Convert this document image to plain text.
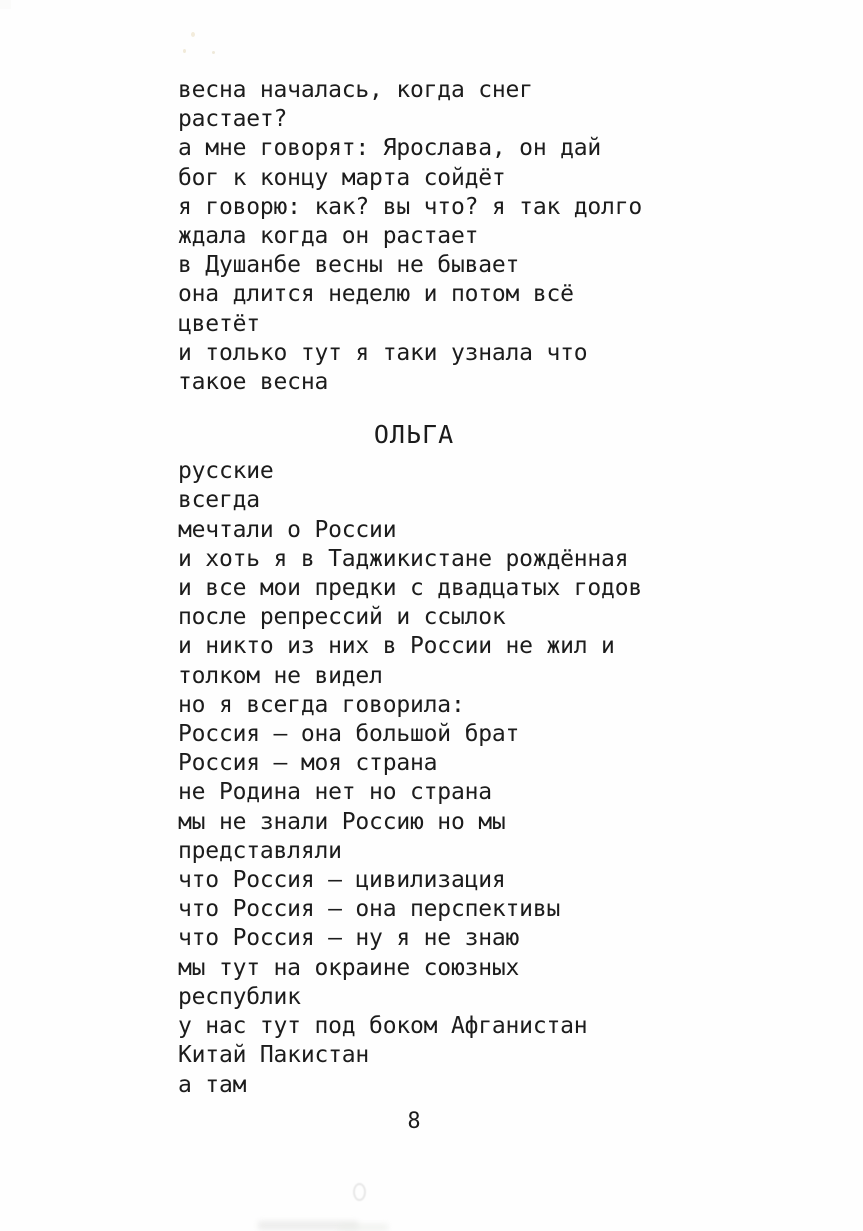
весна началась, когда снег
растает?
а мне говорят: Ярослава, он дай
бог к концу марта сойдёт
я говорю: как? вы что? я так долго
ждала когда он растает
в Душанбе весны не бывает
она длится неделю и потом всё
цветёт
и только тут я таки узнала что
такое весна
ОЛЬГА
русские
всегда
мечтали о России
и хоть я в Таджикистане рождённая
и все мои предки с двадцатых годов
после репрессий и ссылок
и никто из них в России не жил и
толком не видел
но я всегда говорила:
Россия — она большой брат
Россия — моя страна
не Родина нет но страна
мы не знали Россию но мы
представляли
что Россия — цивилизация
что Россия — она перспективы
что Россия — ну я не знаю
мы тут на окраине союзных
республик
у нас тут под боком Афганистан
Китай Пакистан
а там
8
